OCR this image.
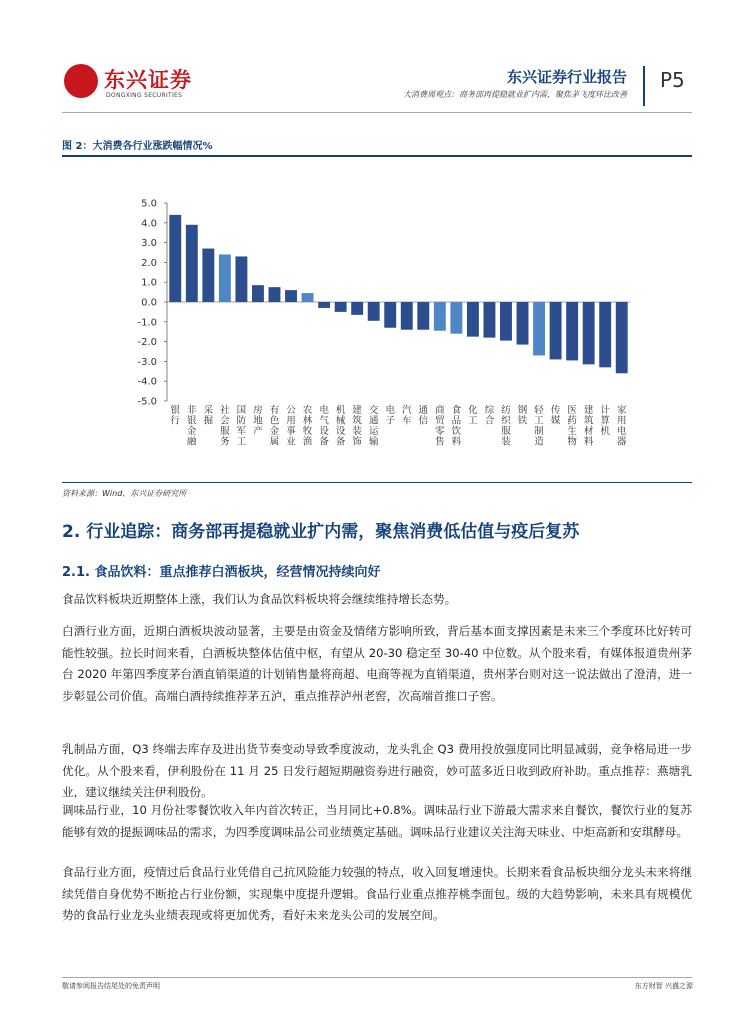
东兴证券
DONGXING SECURITIES
东兴证券行业报告
大消费周观点：商务部再提稳就业扩内需，聚焦茅飞度环比改善
P5
图 2：大消费各行业涨跌幅情况%
5.0
4.0
3.0
2.0
1.0
0.0
-1.0
-2.0
-3.0
-4.0
-5.0
银行
非银金融
采掘
社会服务
国防军工
房地产
有色金属
公用事业
农林牧渔
电气设备
机械设备
建筑装饰
交通运输
电子
汽车
通信
商贸零售
食品饮料
化工
综合
纺织服装
钢铁
轻工制造
传媒
医药生物
建筑材料
计算机
家用电器
资料来源：Wind、东兴证券研究所
2. 行业追踪：商务部再提稳就业扩内需，聚焦消费低估值与疫后复苏
2.1. 食品饮料：重点推荐白酒板块，经营情况持续向好
食品饮料板块近期整体上涨，我们认为食品饮料板块将会继续维持增长态势。
白酒行业方面，近期白酒板块波动显著，主要是由资金及情绪方影响所致，背后基本面支撑因素是未来三个季度环比好转可能性较强。拉长时间来看，白酒板块整体估值中枢，有望从 20-30 稳定至 30-40 中位数。从个股来看，有媒体报道贵州茅台 2020 年第四季度茅台酒直销渠道的计划销售量将商超、电商等视为直销渠道，贵州茅台则对这一说法做出了澄清，进一步彰显公司价值。高端白酒持续推荐茅五泸，重点推荐泸州老窖，次高端首推口子窖。
乳制品方面，Q3 终端去库存及进出货节奏变动导致季度波动，龙头乳企 Q3 费用投放强度同比明显减弱，竞争格局进一步优化。从个股来看，伊利股份在 11 月 25 日发行超短期融资券进行融资，妙可蓝多近日收到政府补助。重点推荐：燕塘乳业，建议继续关注伊利股份。
调味品行业，10 月份社零餐饮收入年内首次转正，当月同比+0.8%。调味品行业下游最大需求来自餐饮，餐饮行业的复苏能够有效的提振调味品的需求，为四季度调味品公司业绩奠定基础。调味品行业建议关注海天味业、中炬高新和安琪酵母。
食品行业方面，疫情过后食品行业凭借自己抗风险能力较强的特点，收入回复增速快。长期来看食品板块细分龙头未来将继续凭借自身优势不断抢占行业份额，实现集中度提升逻辑。食品行业重点推荐桃李面包。级的大趋势影响，未来具有规模优势的食品行业龙头业绩表现或将更加优秀，看好未来龙头公司的发展空间。
敬请参阅报告结尾处的免责声明	东方财智 兴盛之源
